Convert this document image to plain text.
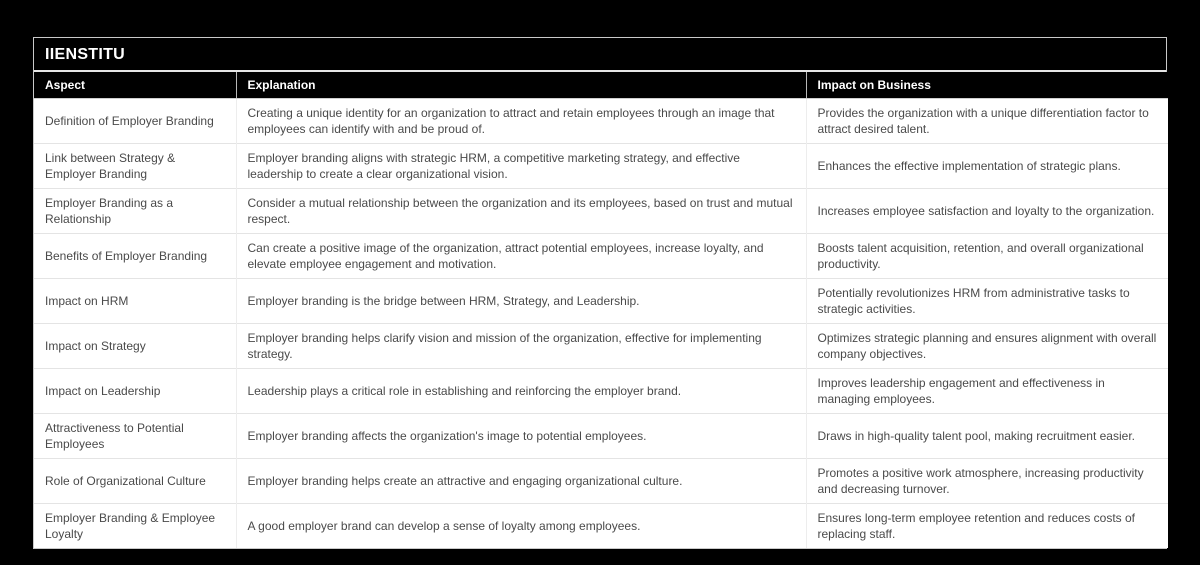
IIENSTITU
Aspect	Explanation	Impact on Business
Definition of Employer Branding	Creating a unique identity for an organization to attract and retain employees through an image that employees can identify with and be proud of.	Provides the organization with a unique differentiation factor to attract desired talent.
Link between Strategy & Employer Branding	Employer branding aligns with strategic HRM, a competitive marketing strategy, and effective leadership to create a clear organizational vision.	Enhances the effective implementation of strategic plans.
Employer Branding as a Relationship	Consider a mutual relationship between the organization and its employees, based on trust and mutual respect.	Increases employee satisfaction and loyalty to the organization.
Benefits of Employer Branding	Can create a positive image of the organization, attract potential employees, increase loyalty, and elevate employee engagement and motivation.	Boosts talent acquisition, retention, and overall organizational productivity.
Impact on HRM	Employer branding is the bridge between HRM, Strategy, and Leadership.	Potentially revolutionizes HRM from administrative tasks to strategic activities.
Impact on Strategy	Employer branding helps clarify vision and mission of the organization, effective for implementing strategy.	Optimizes strategic planning and ensures alignment with overall company objectives.
Impact on Leadership	Leadership plays a critical role in establishing and reinforcing the employer brand.	Improves leadership engagement and effectiveness in managing employees.
Attractiveness to Potential Employees	Employer branding affects the organization's image to potential employees.	Draws in high-quality talent pool, making recruitment easier.
Role of Organizational Culture	Employer branding helps create an attractive and engaging organizational culture.	Promotes a positive work atmosphere, increasing productivity and decreasing turnover.
Employer Branding & Employee Loyalty	A good employer brand can develop a sense of loyalty among employees.	Ensures long-term employee retention and reduces costs of replacing staff.
